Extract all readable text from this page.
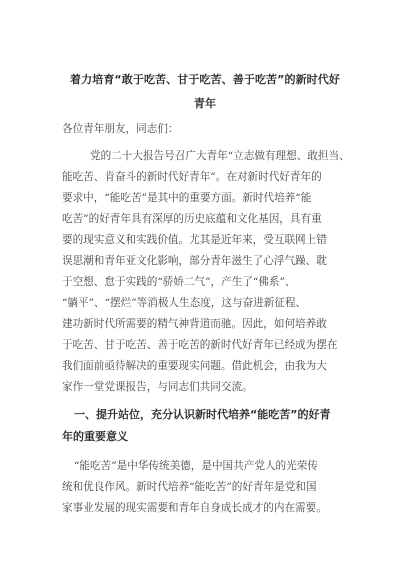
着力培育“敢于吃苦、甘于吃苦、善于吃苦”的新时代好
青年
各位青年朋友，同志们：
党的二十大报告号召广大青年“立志做有理想、敢担当、
能吃苦、肯奋斗的新时代好青年”。在对新时代好青年的
要求中，“能吃苦”是其中的重要方面。新时代培养“能
吃苦”的好青年具有深厚的历史底蕴和文化基因，具有重
要的现实意义和实践价值。尤其是近年来，受互联网上错
误思潮和青年亚文化影响，部分青年滋生了心浮气躁、耽
于空想、怠于实践的“骄娇二气”，产生了“佛系”、
“躺平”、“摆烂”等消极人生态度，这与奋进新征程、
建功新时代所需要的精气神背道而驰。因此，如何培养敢
于吃苦、甘于吃苦、善于吃苦的新时代好青年已经成为摆在
我们面前亟待解决的重要现实问题。借此机会，由我为大
家作一堂党课报告，与同志们共同交流。
一、提升站位，充分认识新时代培养“能吃苦”的好青
年的重要意义
“能吃苦”是中华传统美德，是中国共产党人的光荣传
统和优良作风。新时代培养“能吃苦”的好青年是党和国
家事业发展的现实需要和青年自身成长成才的内在需要。
